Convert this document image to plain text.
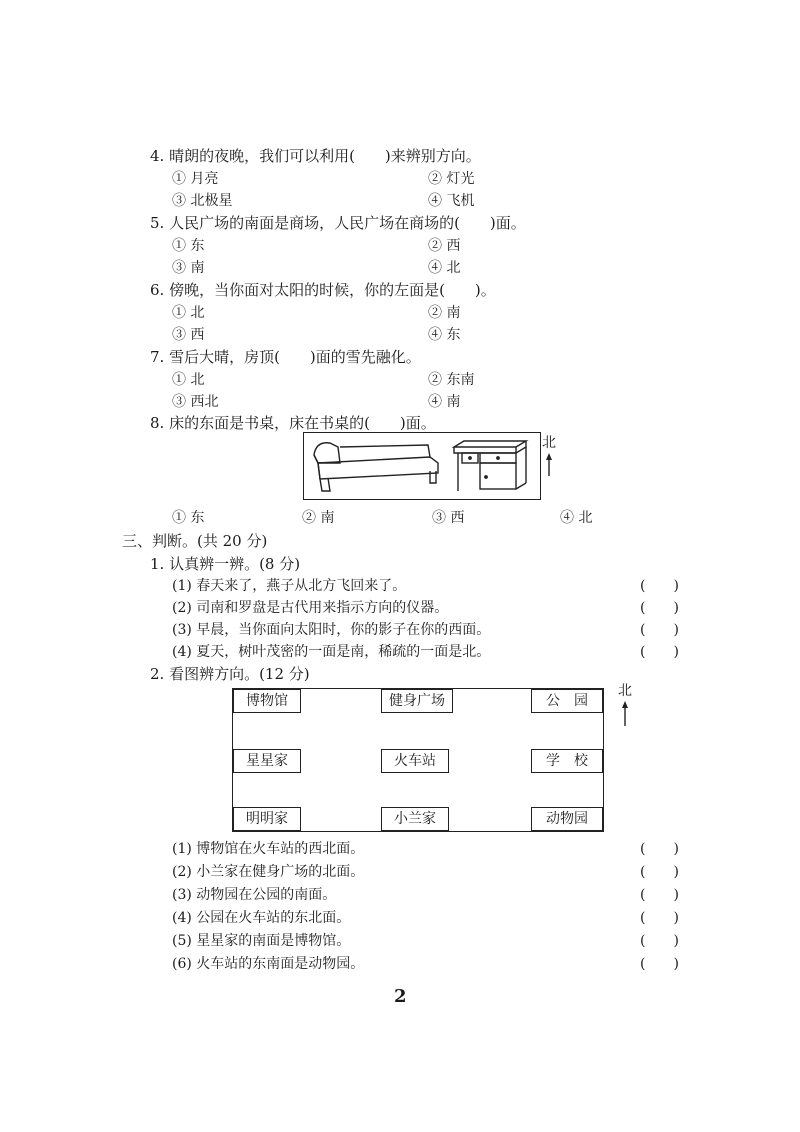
4. 晴朗的夜晚，我们可以利用(　　)来辨别方向。
① 月亮	② 灯光
③ 北极星	④ 飞机
5. 人民广场的南面是商场，人民广场在商场的(　　)面。
① 东	② 西
③ 南	④ 北
6. 傍晚，当你面对太阳的时候，你的左面是(　　)。
① 北	② 南
③ 西	④ 东
7. 雪后大晴，房顶(　　)面的雪先融化。
① 北	② 东南
③ 西北	④ 南
8. 床的东面是书桌，床在书桌的(　　)面。
北
① 东	② 南	③ 西	④ 北
三、判断。(共 20 分)
1. 认真辨一辨。(8 分)
(1) 春天来了，燕子从北方飞回来了。	(　　)
(2) 司南和罗盘是古代用来指示方向的仪器。	(　　)
(3) 早晨，当你面向太阳时，你的影子在你的西面。	(　　)
(4) 夏天，树叶茂密的一面是南，稀疏的一面是北。	(　　)
2. 看图辨方向。(12 分)
博物馆	健身广场	公　园
星星家	火车站	学　校
明明家	小兰家	动物园
北
(1) 博物馆在火车站的西北面。	(　　)
(2) 小兰家在健身广场的北面。	(　　)
(3) 动物园在公园的南面。	(　　)
(4) 公园在火车站的东北面。	(　　)
(5) 星星家的南面是博物馆。	(　　)
(6) 火车站的东南面是动物园。	(　　)
2
